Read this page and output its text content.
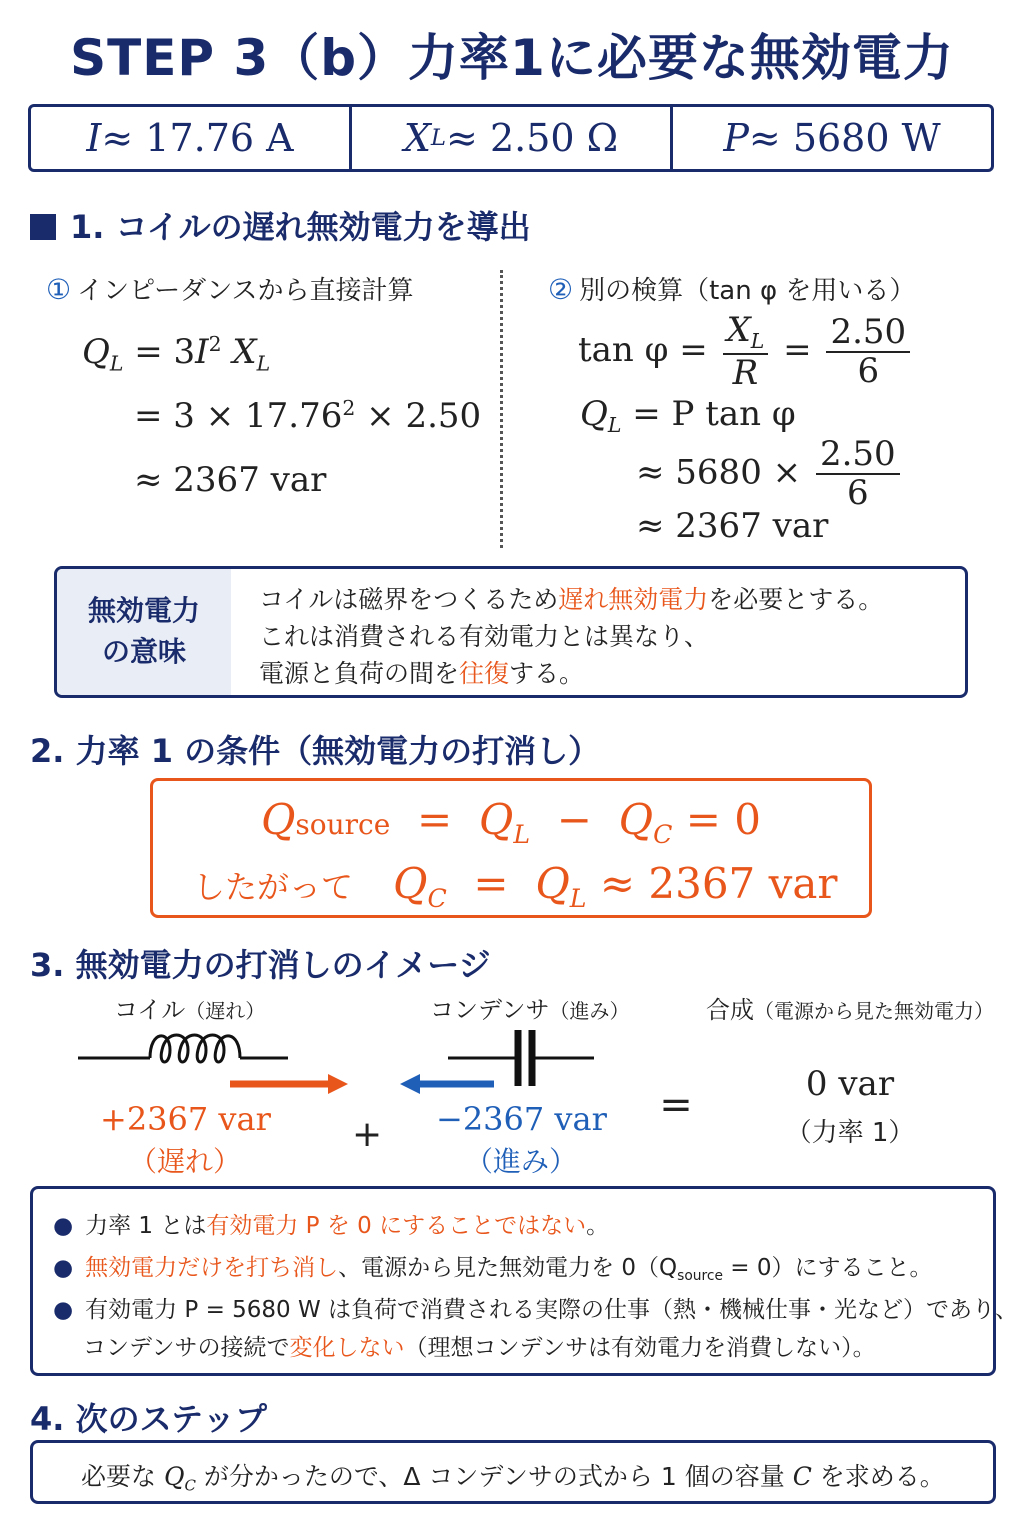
STEP 3（b）力率1に必要な無効電力
I ≈ 17.76 A	X L ≈ 2.50 Ω	P ≈ 5680 W
1. コイルの遅れ無効電力を導出
① インピーダンスから直接計算
$Q_L = 3I^2$ $X_L$
= $3 \times 17.76^2 \times 2.50$
≈ 2367 var
② 別の検算（tan φ を用いる）
$\tan \varphi = \frac{X_L}{R} = \frac{2.50}{6}$
$Q_L = P$ tan φ
≈ $5680 \times \frac{2.50}{6}$
≈ 2367 var
無効電力
の意味
コイルは磁界をつくるため遅れ無効電力を必要とする。
これは消費される有効電力とは異なり、
電源と負荷の間を往復する。
2. 力率 1 の条件（無効電力の打消し）
Qsource  =  $Q_L - Q_C = 0$
したがって $Q_C = Q_L \approx 2367$ var
3. 無効電力の打消しのイメージ
コイル（遅れ）	コンデンサ（進み）	合成（電源から見た無効電力）
+2367 var
（遅れ）
+ −2367 var
（進み）
=	0 var
（力率 1）
● 力率 1 とは有効電力 P を 0 にすることではない。
● 無効電力だけを打ち消し、電源から見た無効電力を $0(Q_{source} = 0)$にすること。
● 有効電力 P = 5680 W は負荷で消費される実際の仕事（熱・機械仕事・光など）であり、
コンデンサの接続で変化しない（理想コンデンサは有効電力を消費しない）。
4. 次のステップ
必要な $Q_C$ が分かったので、Δ コンデンサの式から 1 個の容量 C を求める。
